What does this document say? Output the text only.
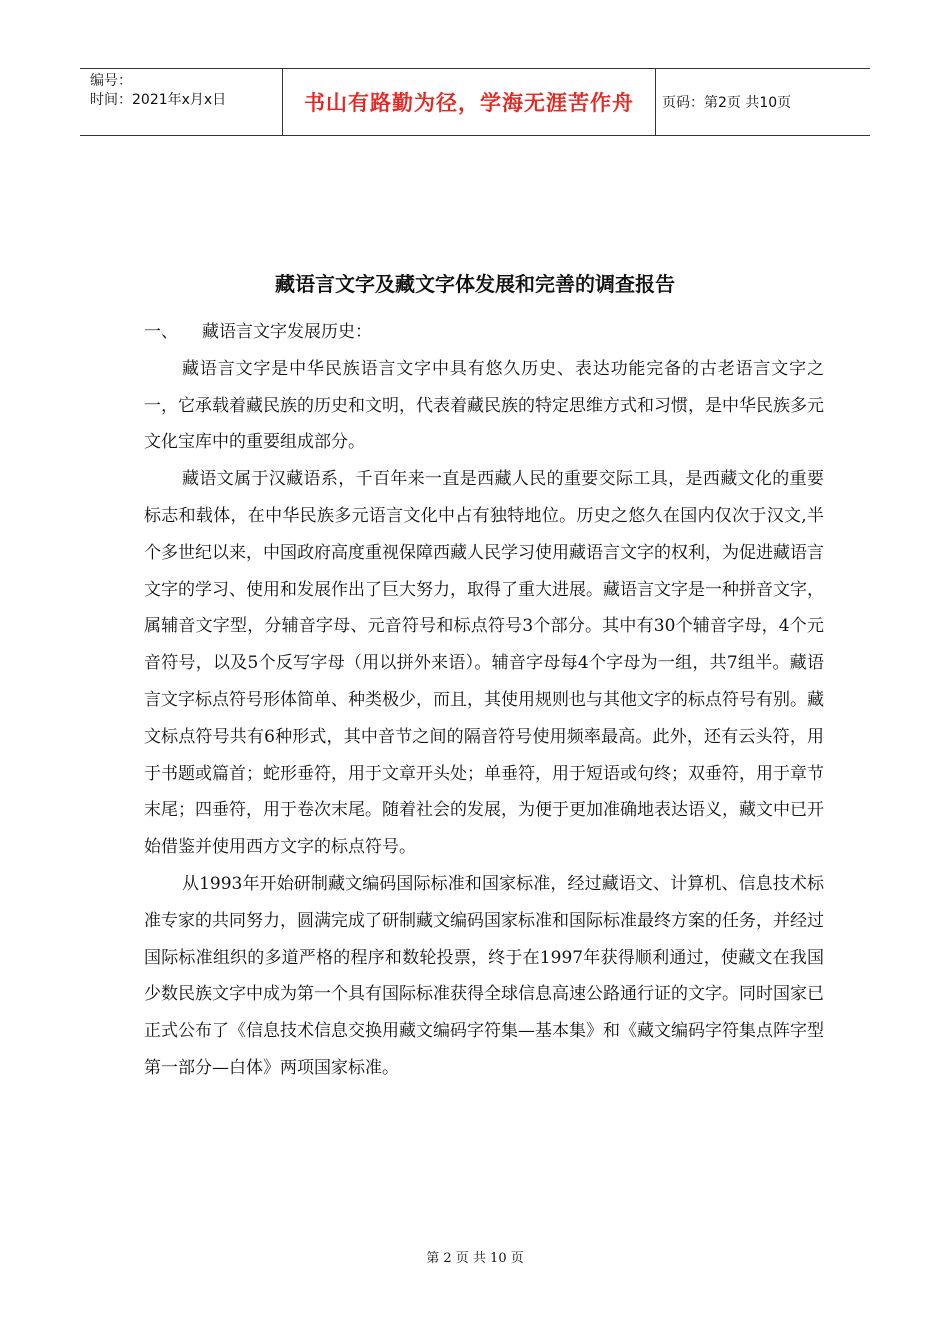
编号：
时间：2021年x月x日	书山有路勤为径，学海无涯苦作舟	页码：第2页 共10页
藏语言文字及藏文字体发展和完善的调查报告

一、	藏语言文字发展历史：

藏语言文字是中华民族语言文字中具有悠久历史、表达功能完备的古老语言文字之一，它承载着藏民族的历史和文明，代表着藏民族的特定思维方式和习惯，是中华民族多元文化宝库中的重要组成部分。

藏语文属于汉藏语系，千百年来一直是西藏人民的重要交际工具，是西藏文化的重要标志和载体，在中华民族多元语言文化中占有独特地位。历史之悠久在国内仅次于汉文,半个多世纪以来，中国政府高度重视保障西藏人民学习使用藏语言文字的权利，为促进藏语言文字的学习、使用和发展作出了巨大努力，取得了重大进展。藏语言文字是一种拼音文字，属辅音文字型，分辅音字母、元音符号和标点符号3个部分。其中有30个辅音字母，4个元音符号，以及5个反写字母（用以拼外来语）。辅音字母每4个字母为一组，共7组半。藏语言文字标点符号形体简单、种类极少，而且，其使用规则也与其他文字的标点符号有别。藏文标点符号共有6种形式，其中音节之间的隔音符号使用频率最高。此外，还有云头符，用于书题或篇首；蛇形垂符，用于文章开头处；单垂符，用于短语或句终；双垂符，用于章节末尾；四垂符，用于卷次末尾。随着社会的发展，为便于更加准确地表达语义，藏文中已开始借鉴并使用西方文字的标点符号。

从1993年开始研制藏文编码国际标准和国家标准，经过藏语文、计算机、信息技术标准专家的共同努力，圆满完成了研制藏文编码国家标准和国际标准最终方案的任务，并经过国际标准组织的多道严格的程序和数轮投票，终于在1997年获得顺利通过，使藏文在我国少数民族文字中成为第一个具有国际标准获得全球信息高速公路通行证的文字。同时国家已正式公布了《信息技术信息交换用藏文编码字符集—基本集》和《藏文编码字符集点阵字型第一部分—白体》两项国家标准。

第 2 页 共 10 页
